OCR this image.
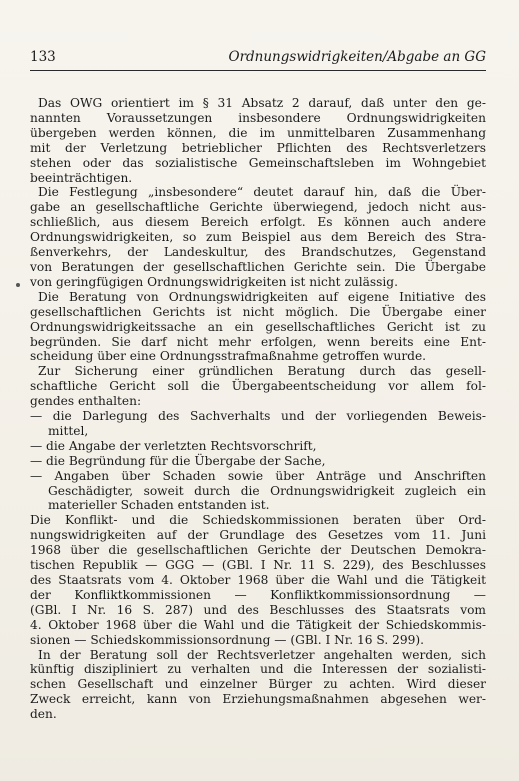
133	Ordnungswidrigkeiten/Abgabe an GG
Das OWG orientiert im § 31 Absatz 2 darauf, daß unter den ge-
nannten Voraussetzungen insbesondere Ordnungswidrigkeiten
übergeben werden können, die im unmittelbaren Zusammenhang
mit der Verletzung betrieblicher Pflichten des Rechtsverletzers
stehen oder das sozialistische Gemeinschaftsleben im Wohngebiet
beeinträchtigen.
Die Festlegung „insbesondere“ deutet darauf hin, daß die Über-
gabe an gesellschaftliche Gerichte überwiegend, jedoch nicht aus-
schließlich, aus diesem Bereich erfolgt. Es können auch andere
Ordnungswidrigkeiten, so zum Beispiel aus dem Bereich des Stra-
ßenverkehrs, der Landeskultur, des Brandschutzes, Gegenstand
von Beratungen der gesellschaftlichen Gerichte sein. Die Übergabe
von geringfügigen Ordnungswidrigkeiten ist nicht zulässig.
Die Beratung von Ordnungswidrigkeiten auf eigene Initiative des
gesellschaftlichen Gerichts ist nicht möglich. Die Übergabe einer
Ordnungswidrigkeitssache an ein gesellschaftliches Gericht ist zu
begründen. Sie darf nicht mehr erfolgen, wenn bereits eine Ent-
scheidung über eine Ordnungsstrafmaßnahme getroffen wurde.
Zur Sicherung einer gründlichen Beratung durch das gesell-
schaftliche Gericht soll die Übergabeentscheidung vor allem fol-
gendes enthalten:
— die Darlegung des Sachverhalts und der vorliegenden Beweis-
mittel,
— die Angabe der verletzten Rechtsvorschrift,
— die Begründung für die Übergabe der Sache,
— Angaben über Schaden sowie über Anträge und Anschriften
Geschädigter, soweit durch die Ordnungswidrigkeit zugleich ein
materieller Schaden entstanden ist.
Die Konflikt- und die Schiedskommissionen beraten über Ord-
nungswidrigkeiten auf der Grundlage des Gesetzes vom 11. Juni
1968 über die gesellschaftlichen Gerichte der Deutschen Demokra-
tischen Republik — GGG — (GBl. I Nr. 11 S. 229), des Beschlusses
des Staatsrats vom 4. Oktober 1968 über die Wahl und die Tätigkeit
der Konfliktkommissionen — Konfliktkommissionsordnung —
(GBl. I Nr. 16 S. 287) und des Beschlusses des Staatsrats vom
4. Oktober 1968 über die Wahl und die Tätigkeit der Schiedskommis-
sionen — Schiedskommissionsordnung — (GBl. I Nr. 16 S. 299).
In der Beratung soll der Rechtsverletzer angehalten werden, sich
künftig diszipliniert zu verhalten und die Interessen der sozialisti-
schen Gesellschaft und einzelner Bürger zu achten. Wird dieser
Zweck erreicht, kann von Erziehungsmaßnahmen abgesehen wer-
den.
